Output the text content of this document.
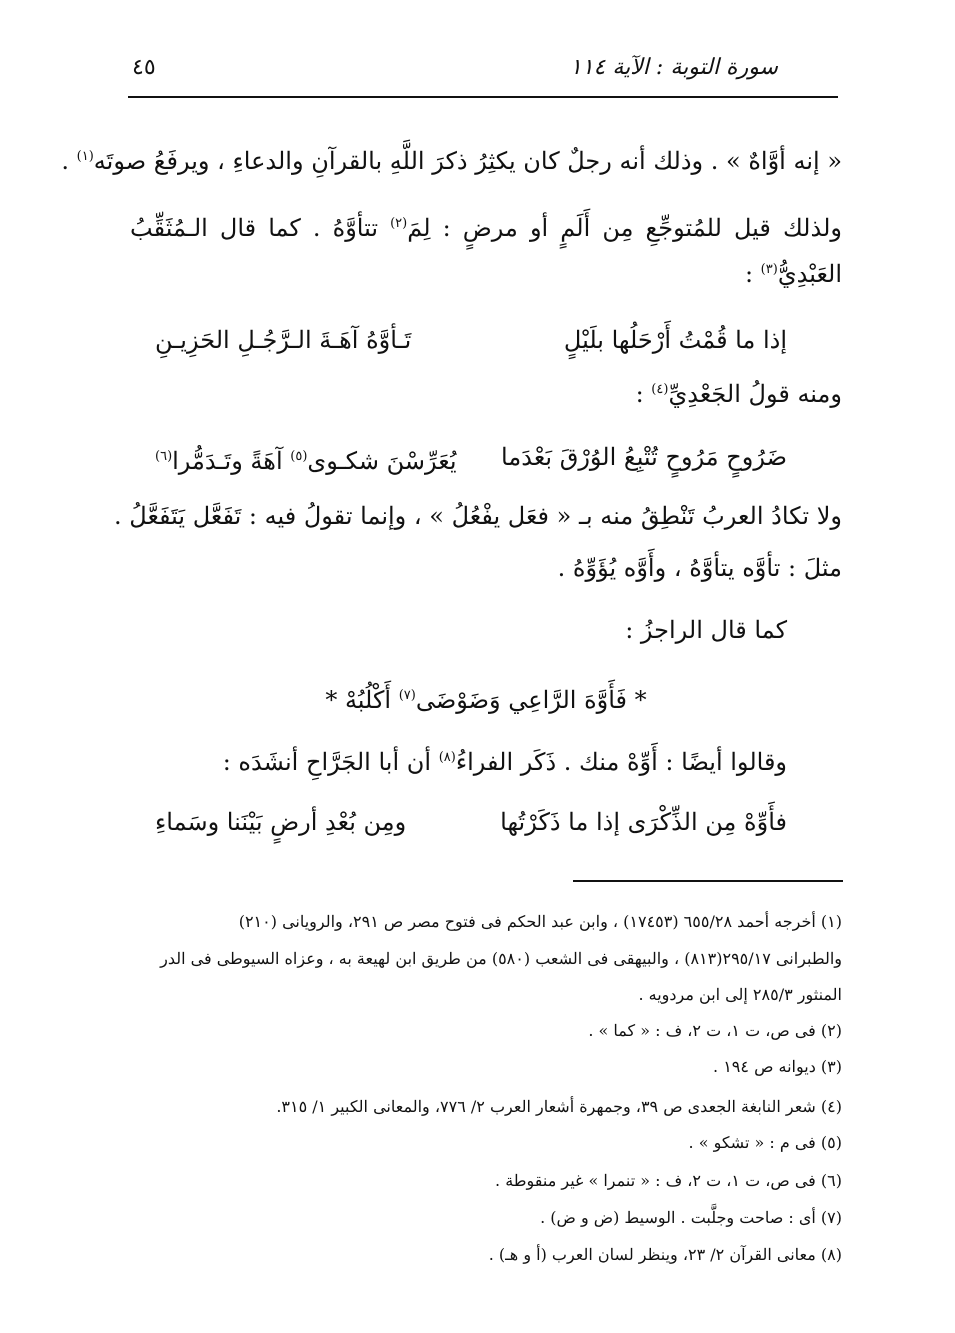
سورة التوبة : الآية ١١٤
٤٥
« إنه أوَّاهٌ » . وذلك أنه رجلٌ كان يكثِرُ ذكرَ اللَّهِ بالقرآنِ والدعاءِ ، ويرفَعُ صوتَه$^{(١)}$ .
ولذلك قيل للمُتوجِّعِ مِن أَلَمٍ أو مرضٍ : لِمَ$^{(٢)}$ تتأوَّهُ . كما قال الـمُثَقِّبُ
العَبْدِيُّ$^{(٣)}$ :
إذا ما قُمْتُ أَرْحَلُها بلَيْلٍ
تَـأوَّهُ آهَـةَ الـرَّجُـلِ الحَزِيـنِ
ومنه قولُ الجَعْدِيِّ$^{(٤)}$ :
ضَرُوحٍ مَرُوحٍ تُتْبِعُ الوُرْقَ بَعْدَما
يُعَرِّسْنَ شكـوى$^{(٥)}$ آهَةً وتَـدَمُّرا$^{(٦)}$
ولا تكادُ العربُ تَنْطِقُ منه بـ « فعَل يفْعُلُ » ، وإنما تقولُ فيه : تَفَعَّل يَتَفَعَّلُ .
مثلَ : تأوَّه يتأوَّهُ ، وأَوَّه يُؤَوِّهُ .
كما قال الراجزُ :
* فَأَوَّهَ الرَّاعِي وَضَوْضَى$^{(٧)}$ أَكْلُبُهْ *
وقالوا أيضًا : أَوِّهْ منك . ذَكَر الفراءُ$^{(٨)}$ أن أبا الجَرَّاحِ أنشَدَه :
فأَوِّهْ مِن الذِّكْرَى إذا ما ذَكَرْتُها
ومِن بُعْدِ أرضٍ بَيْنَنا وسَماءِ
(١) أخرجه أحمد ٦٥٥/٢٨ (١٧٤٥٣) ، وابن عبد الحكم فى فتوح مصر ص ٢٩١، والرويانى (٢١٠)
والطبرانى ٢٩٥/١٧(٨١٣) ، والبيهقى فى الشعب (٥٨٠) من طريق ابن لهيعة به ، وعزاه السيوطى فى الدر
المنثور ٢٨٥/٣ إلى ابن مردويه .
(٢) فى ص، ت ١، ت ٢، ف : « كما » .
(٣) ديوانه ص ١٩٤ .
(٤) شعر النابغة الجعدى ص ٣٩، وجمهرة أشعار العرب ٢/ ٧٧٦، والمعانى الكبير ١/ ٣١٥.
(٥) فى م : « تشكو » .
(٦) فى ص، ت ١، ت ٢، ف : « تنمرا » غير منقوطة .
(٧) أى : صاحت وجلَّبت . الوسيط (ض و ض) .
(٨) معانى القرآن ٢/ ٢٣، وينظر لسان العرب (أ و هـ) .
